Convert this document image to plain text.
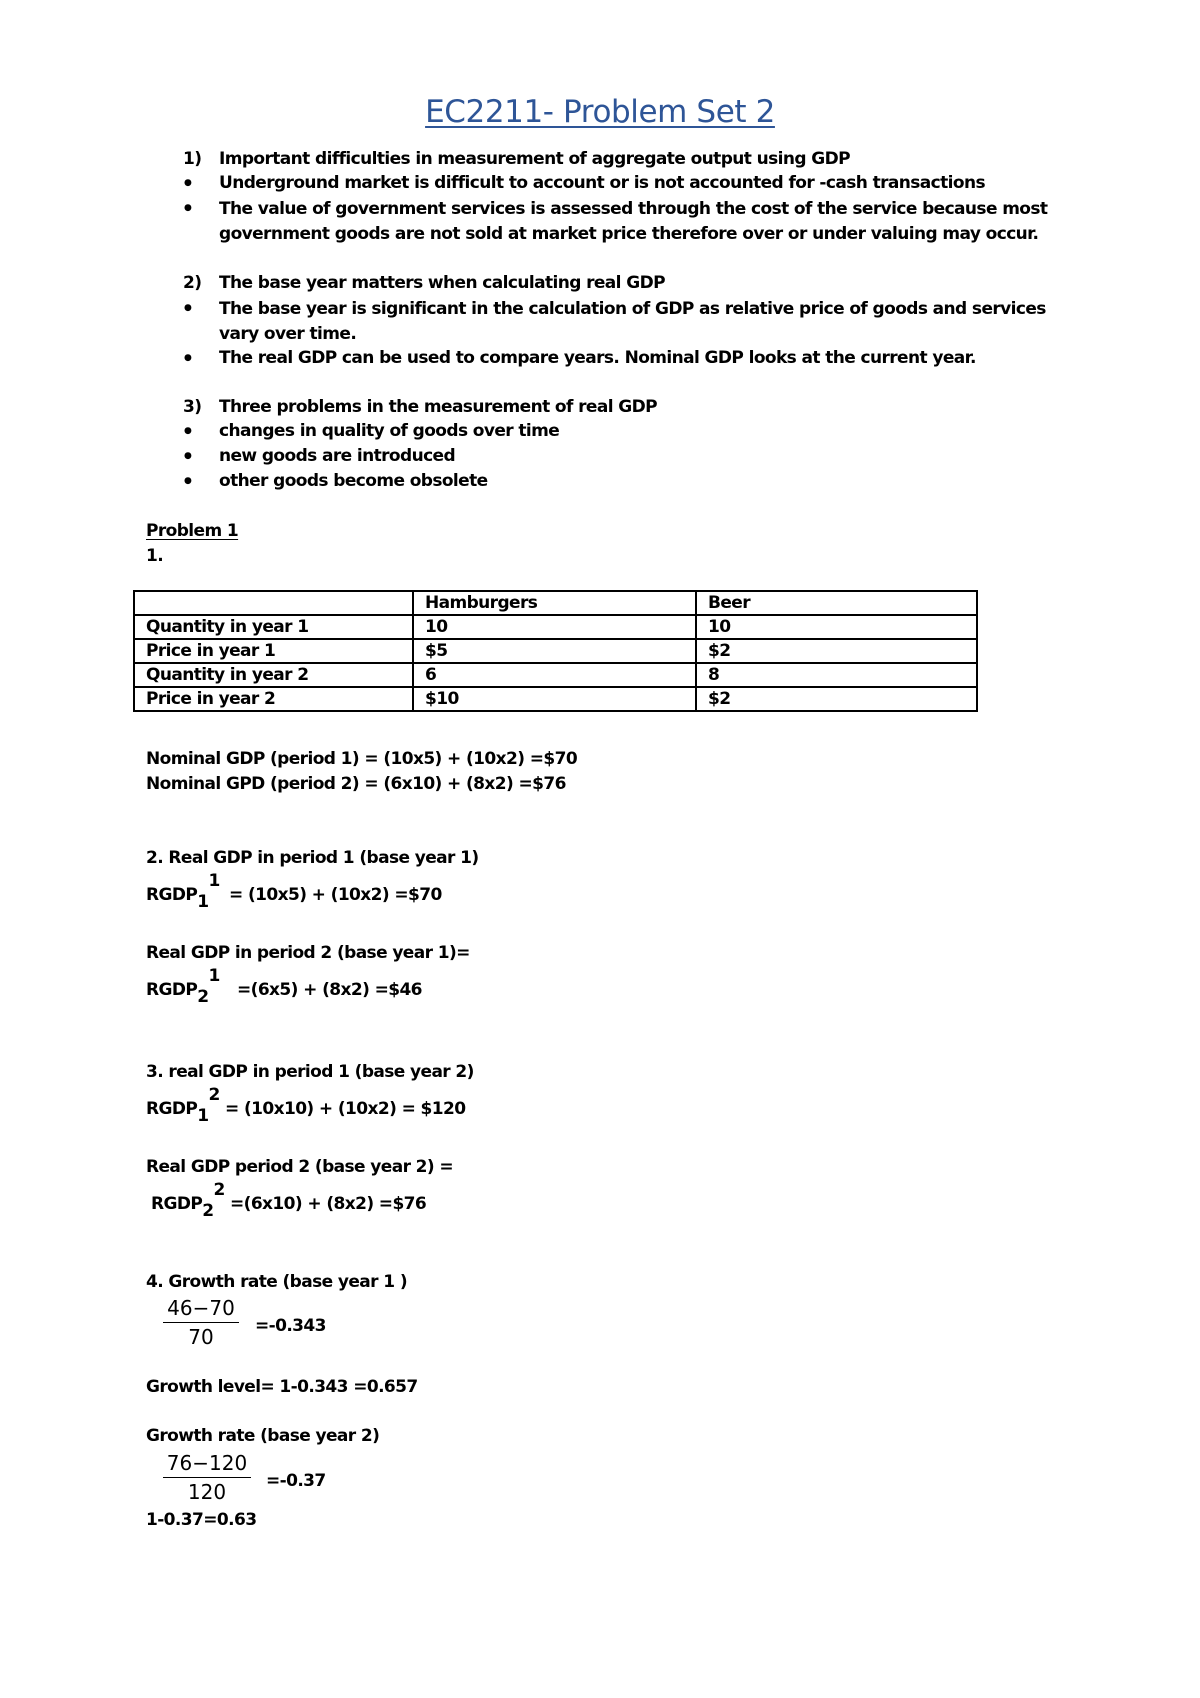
EC2211- Problem Set 2
1) Important difficulties in measurement of aggregate output using GDP
● Underground market is difficult to account or is not accounted for -cash transactions
● The value of government services is assessed through the cost of the service because most government goods are not sold at market price therefore over or under valuing may occur.
2) The base year matters when calculating real GDP
● The base year is significant in the calculation of GDP as relative price of goods and services vary over time.
● The real GDP can be used to compare years. Nominal GDP looks at the current year.
3) Three problems in the measurement of real GDP
● changes in quality of goods over time
● new goods are introduced
● other goods become obsolete
Problem 1
1.
	Hamburgers	Beer
Quantity in year 1	10	10
Price in year 1	$5	$2
Quantity in year 2	6	8
Price in year 2	$10	$2
Nominal GDP (period 1) = (10x5) + (10x2) =$70
Nominal GPD (period 2) = (6x10) + (8x2) =$76
2. Real GDP in period 1 (base year 1)
$RGDP_1^1 = (10x5) + (10x2)$ =$70
Real GDP in period 2 (base year 1)=
$RGDP_2^1 =(6x5) + (8x2)$ =$46
3. real GDP in period 1 (base year 2)
$RGDP_1^2 = (10x10) + (10x2)$ = $120
Real GDP period 2 (base year 2) =
$RGDP_2^2 =(6x10) + (8x2)$ =$76
4. Growth rate (base year 1 )
46−70
70	=-0.343
Growth level= 1-0.343 =0.657
Growth rate (base year 2)
76−120
120	=-0.37
1-0.37=0.63
